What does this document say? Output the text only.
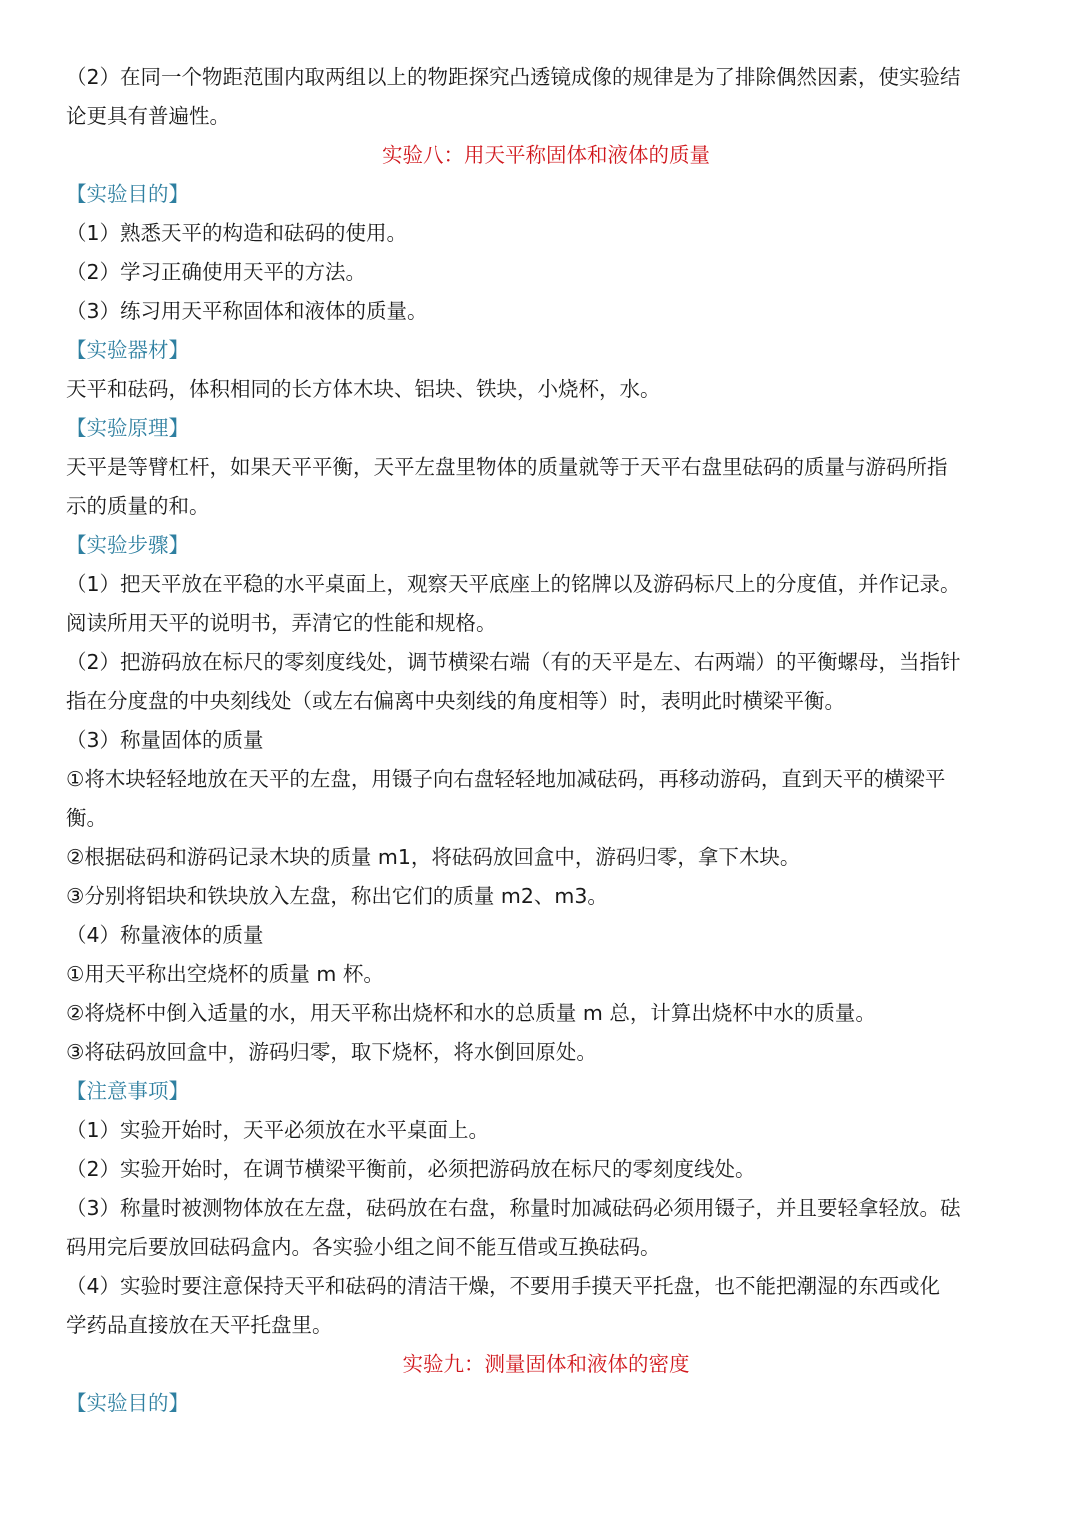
（2）在同一个物距范围内取两组以上的物距探究凸透镜成像的规律是为了排除偶然因素，使实验结
论更具有普遍性。
实验八：用天平称固体和液体的质量
【实验目的】
（1）熟悉天平的构造和砝码的使用。
（2）学习正确使用天平的方法。
（3）练习用天平称固体和液体的质量。
【实验器材】
天平和砝码，体积相同的长方体木块、铝块、铁块，小烧杯，水。
【实验原理】
天平是等臂杠杆，如果天平平衡，天平左盘里物体的质量就等于天平右盘里砝码的质量与游码所指
示的质量的和。
【实验步骤】
（1）把天平放在平稳的水平桌面上，观察天平底座上的铭牌以及游码标尺上的分度值，并作记录。
阅读所用天平的说明书，弄清它的性能和规格。
（2）把游码放在标尺的零刻度线处，调节横梁右端（有的天平是左、右两端）的平衡螺母，当指针
指在分度盘的中央刻线处（或左右偏离中央刻线的角度相等）时，表明此时横梁平衡。
（3）称量固体的质量
①将木块轻轻地放在天平的左盘，用镊子向右盘轻轻地加减砝码，再移动游码，直到天平的横梁平
衡。
②根据砝码和游码记录木块的质量 m1，将砝码放回盒中，游码归零，拿下木块。
③分别将铝块和铁块放入左盘，称出它们的质量 m2、m3。
（4）称量液体的质量
①用天平称出空烧杯的质量 m 杯。
②将烧杯中倒入适量的水，用天平称出烧杯和水的总质量 m 总，计算出烧杯中水的质量。
③将砝码放回盒中，游码归零，取下烧杯，将水倒回原处。
【注意事项】
（1）实验开始时，天平必须放在水平桌面上。
（2）实验开始时，在调节横梁平衡前，必须把游码放在标尺的零刻度线处。
（3）称量时被测物体放在左盘，砝码放在右盘，称量时加减砝码必须用镊子，并且要轻拿轻放。砝
码用完后要放回砝码盒内。各实验小组之间不能互借或互换砝码。
（4）实验时要注意保持天平和砝码的清洁干燥，不要用手摸天平托盘，也不能把潮湿的东西或化
学药品直接放在天平托盘里。
实验九：测量固体和液体的密度
【实验目的】
